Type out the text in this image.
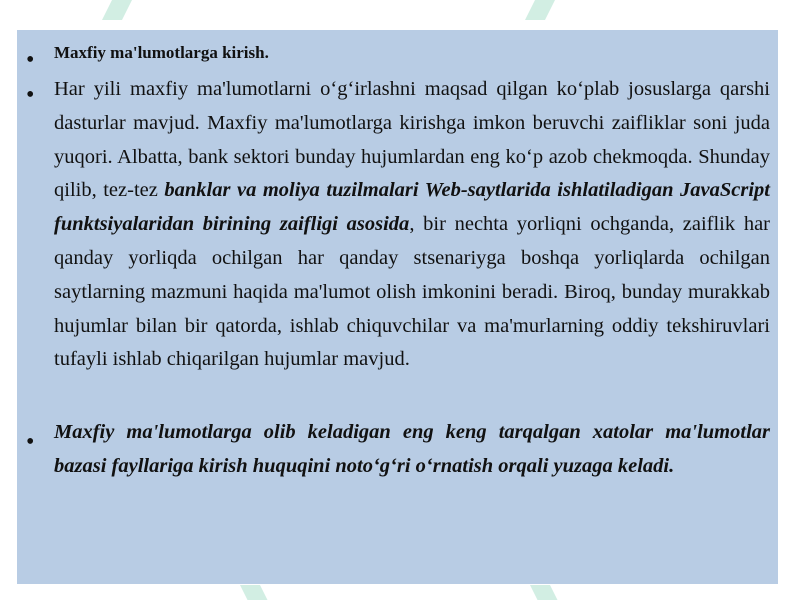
• Maxfiy ma'lumotlarga kirish.
• Har yili maxfiy ma'lumotlarni o‘g‘irlashni maqsad qilgan ko‘plab josuslarga qarshi dasturlar mavjud. Maxfiy ma'lumotlarga kirishga imkon beruvchi zaifliklar soni juda yuqori. Albatta, bank sektori bunday hujumlardan eng ko‘p azob chekmoqda. Shunday qilib, tez-tez banklar va moliya tuzilmalari Web-saytlarida ishlatiladigan JavaScript funktsiyalaridan birining zaifligi asosida, bir nechta yorliqni ochganda, zaiflik har qanday yorliqda ochilgan har qanday stsenariyga boshqa yorliqlarda ochilgan saytlarning mazmuni haqida ma'lumot olish imkonini beradi. Biroq, bunday murakkab hujumlar bilan bir qatorda, ishlab chiquvchilar va ma'murlarning oddiy tekshiruvlari tufayli ishlab chiqarilgan hujumlar mavjud.
• Maxfiy ma'lumotlarga olib keladigan eng keng tarqalgan xatolar ma'lumotlar bazasi fayllariga kirish huquqini noto‘g‘ri o‘rnatish orqali yuzaga keladi.
